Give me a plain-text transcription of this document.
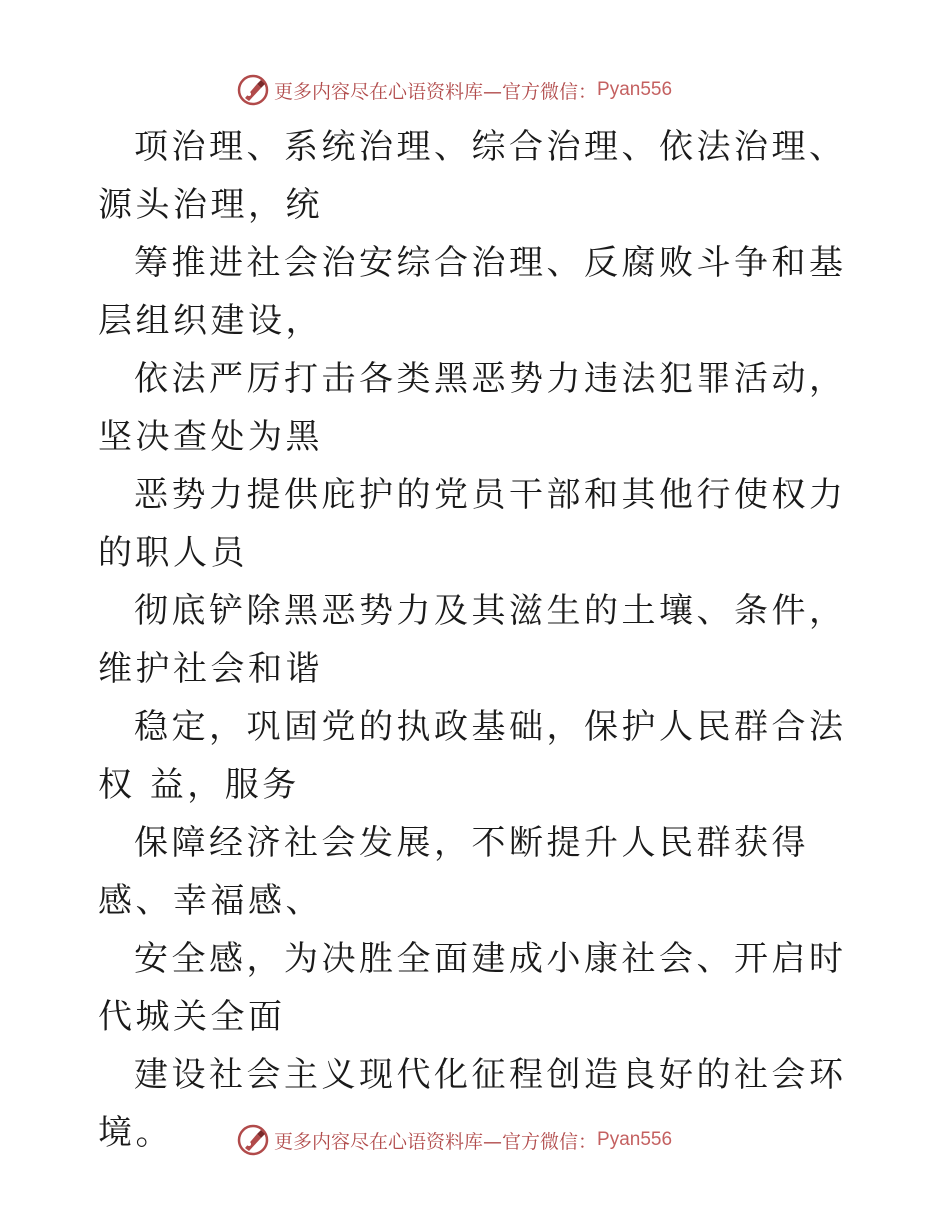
更多内容尽在心语资料库—官方微信： Pyan556

项治理、系统治理、综合治理、依法治理、源头治理，统

筹推进社会治安综合治理、反腐败斗争和基层组织建设，

依法严厉打击各类黑恶势力违法犯罪活动，坚决查处为黑

恶势力提供庇护的党员干部和其他行使权力的职人员

彻底铲除黑恶势力及其滋生的土壤、条件，维护社会和谐

稳定，巩固党的执政基础，保护人民群合法权 益，服务

保障经济社会发展，不断提升人民群获得感、幸福感、

安全感，为决胜全面建成小康社会、开启时代城关全面

建设社会主义现代化征程创造良好的社会环境。	更多内容尽在心语资料库—官方微信： Pyan556
